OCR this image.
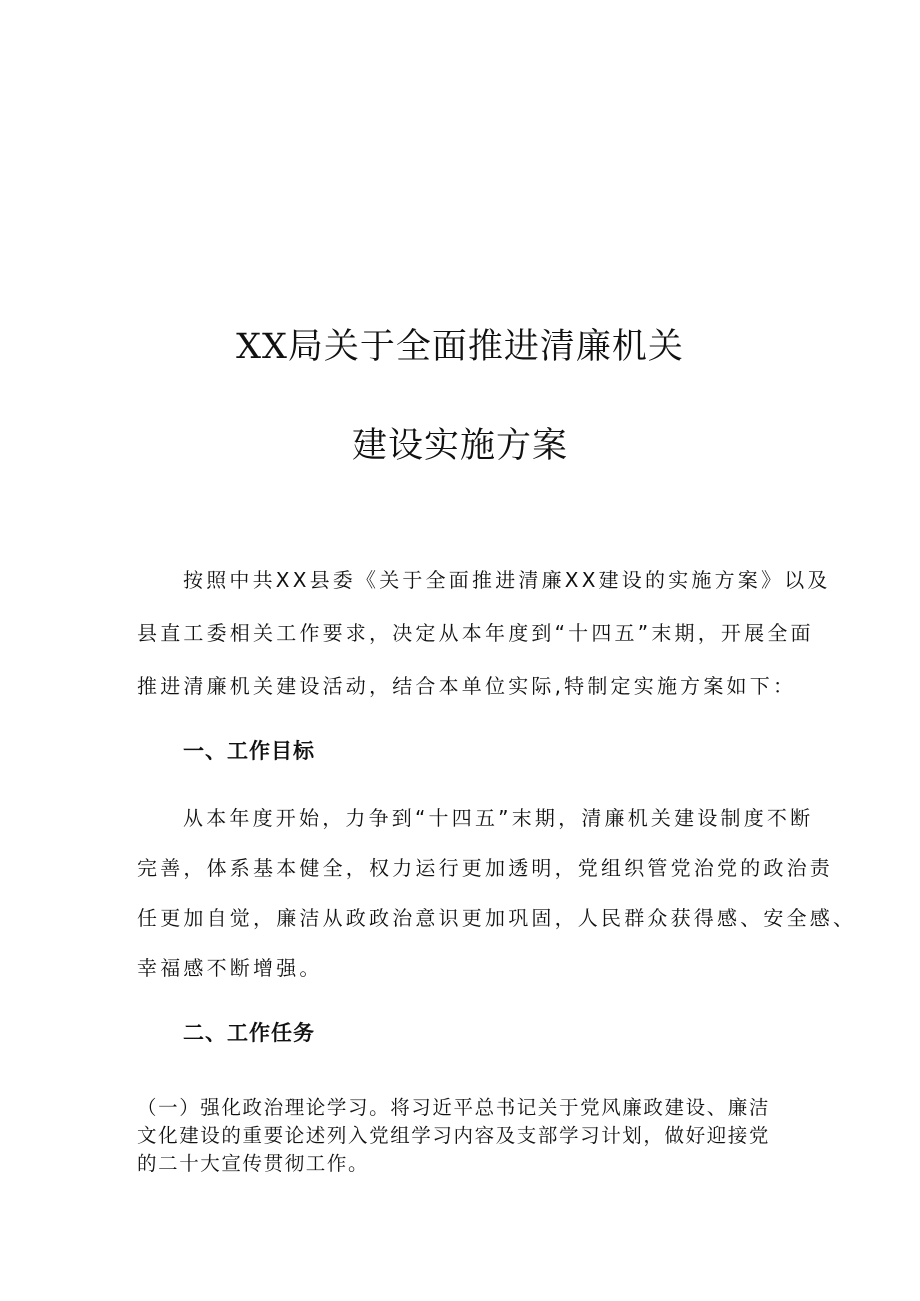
XX局关于全面推进清廉机关
建设实施方案
按照中共XX县委《关于全面推进清廉XX建设的实施方案》以及
县直工委相关工作要求，决定从本年度到“十四五”末期，开展全面
推进清廉机关建设活动，结合本单位实际,特制定实施方案如下：
一、工作目标
从本年度开始，力争到“十四五”末期，清廉机关建设制度不断
完善，体系基本健全，权力运行更加透明，党组织管党治党的政治责
任更加自觉，廉洁从政政治意识更加巩固，人民群众获得感、安全感、
幸福感不断增强。
二、工作任务
（一）强化政治理论学习。将习近平总书记关于党风廉政建设、廉洁
文化建设的重要论述列入党组学习内容及支部学习计划，做好迎接党
的二十大宣传贯彻工作。
